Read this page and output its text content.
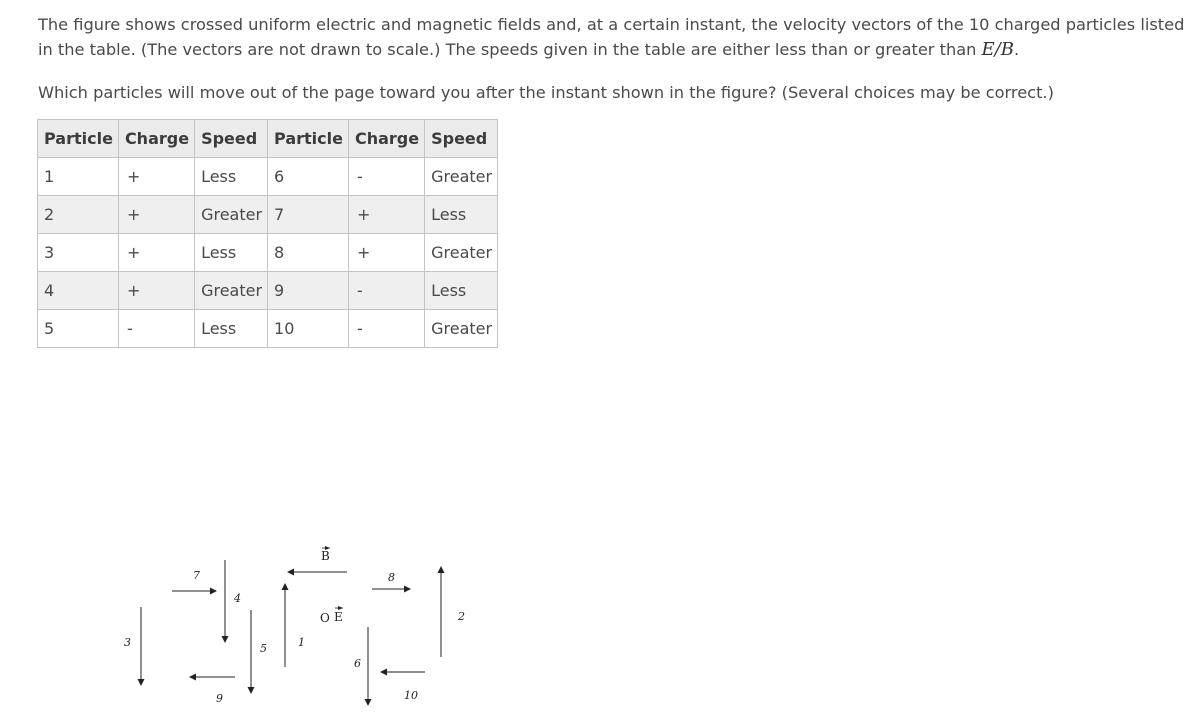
The figure shows crossed uniform electric and magnetic fields and, at a certain instant, the velocity vectors of the 10 charged particles listed in the table. (The vectors are not drawn to scale.) The speeds given in the table are either less than or greater than E/B.

Which particles will move out of the page toward you after the instant shown in the figure? (Several choices may be correct.)

Particle	Charge	Speed	Particle	Charge	Speed
1	+	Less	6	-	Greater
2	+	Greater	7	+	Less
3	+	Less	8	+	Greater
4	+	Greater	9	-	Less
5	-	Less	10	-	Greater
3
7
4
9
5	1
B
O E
6
8
10
2
